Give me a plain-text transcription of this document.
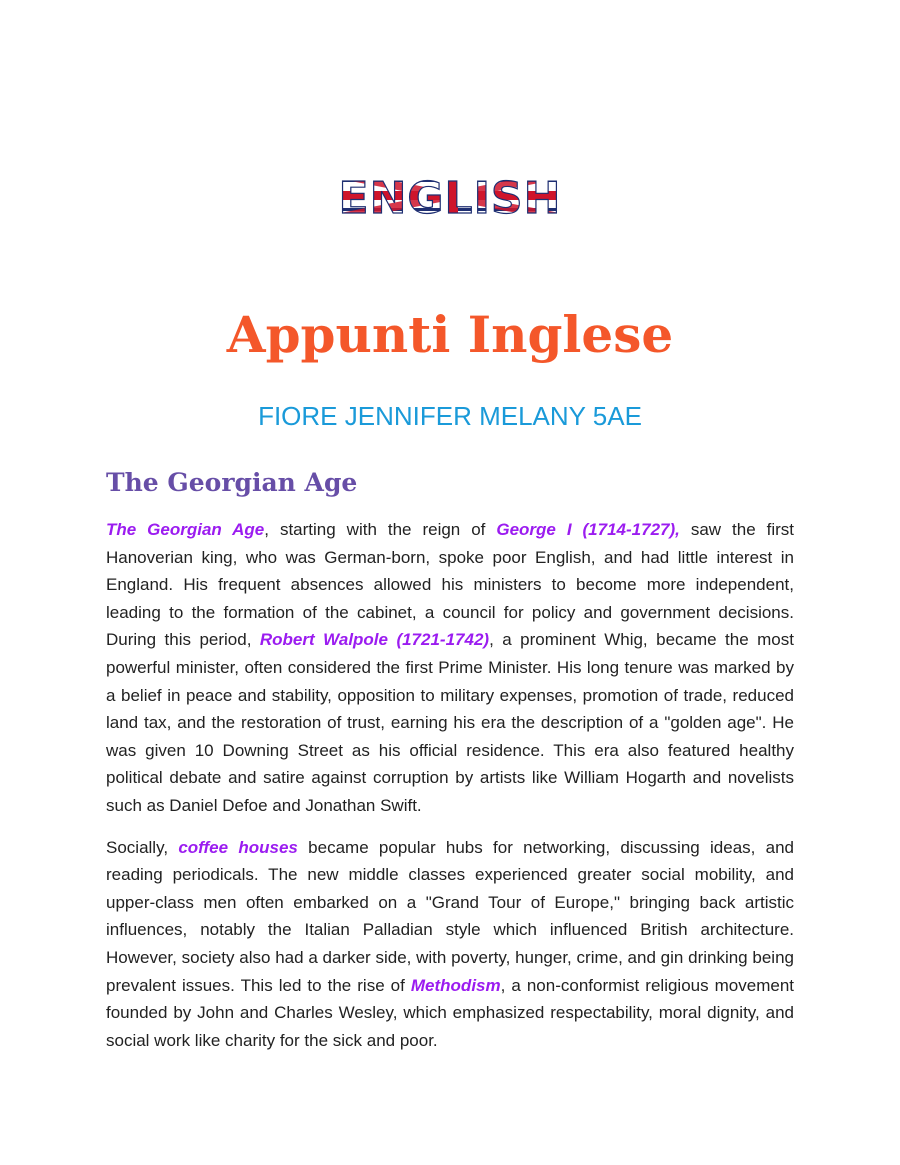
ENGLISH
Appunti Inglese
FIORE JENNIFER MELANY 5AE
The Georgian Age

The Georgian Age, starting with the reign of George I (1714-1727), saw the first Hanoverian king, who was German-born, spoke poor English, and had little interest in England. His frequent absences allowed his ministers to become more independent, leading to the formation of the cabinet, a council for policy and government decisions. During this period, Robert Walpole (1721-1742), a prominent Whig, became the most powerful minister, often considered the first Prime Minister. His long tenure was marked by a belief in peace and stability, opposition to military expenses, promotion of trade, reduced land tax, and the restoration of trust, earning his era the description of a "golden age". He was given 10 Downing Street as his official residence. This era also featured healthy political debate and satire against corruption by artists like William Hogarth and novelists such as Daniel Defoe and Jonathan Swift.

Socially, coffee houses became popular hubs for networking, discussing ideas, and reading periodicals. The new middle classes experienced greater social mobility, and upper-class men often embarked on a "Grand Tour of Europe," bringing back artistic influences, notably the Italian Palladian style which influenced British architecture. However, society also had a darker side, with poverty, hunger, crime, and gin drinking being prevalent issues. This led to the rise of Methodism, a non-conformist religious movement founded by John and Charles Wesley, which emphasized respectability, moral dignity, and social work like charity for the sick and poor.
